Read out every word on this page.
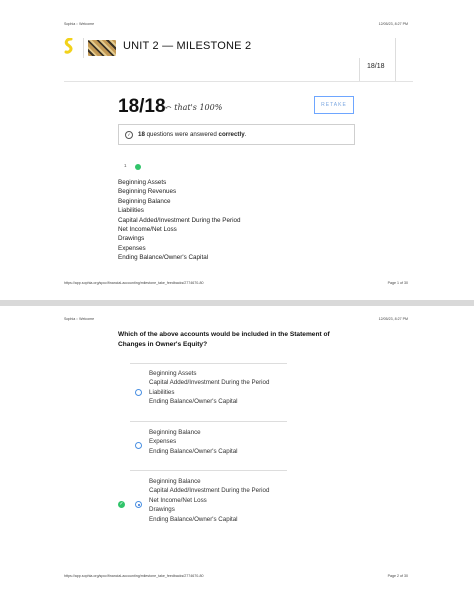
Sophia :: Welcome	12/05/23, 8:27 PM
UNIT 2 — MILESTONE 2
18/18
18/18 ⤺ that's 100%	RETAKE
✓	18 questions were answered correctly .
1
Beginning Assets
Beginning Revenues
Beginning Balance
Liabilities
Capital Added/Investment During the Period
Net Income/Net Loss
Drawings
Expenses
Ending Balance/Owner's Capital
https://app.sophia.org/spcc/financial-accounting/milestone_take_feedbacks/2774670-80	Page 1 of 30
Sophia :: Welcome	12/05/23, 8:27 PM
Which of the above accounts would be included in the Statement of Changes in Owner's Equity?
Beginning Assets
Capital Added/Investment During the Period
Liabilities
Ending Balance/Owner's Capital
Beginning Balance
Expenses
Ending Balance/Owner's Capital
Beginning Balance
Capital Added/Investment During the Period
Net Income/Net Loss
Drawings
Ending Balance/Owner's Capital
✓
https://app.sophia.org/spcc/financial-accounting/milestone_take_feedbacks/2774670-80	Page 2 of 30
